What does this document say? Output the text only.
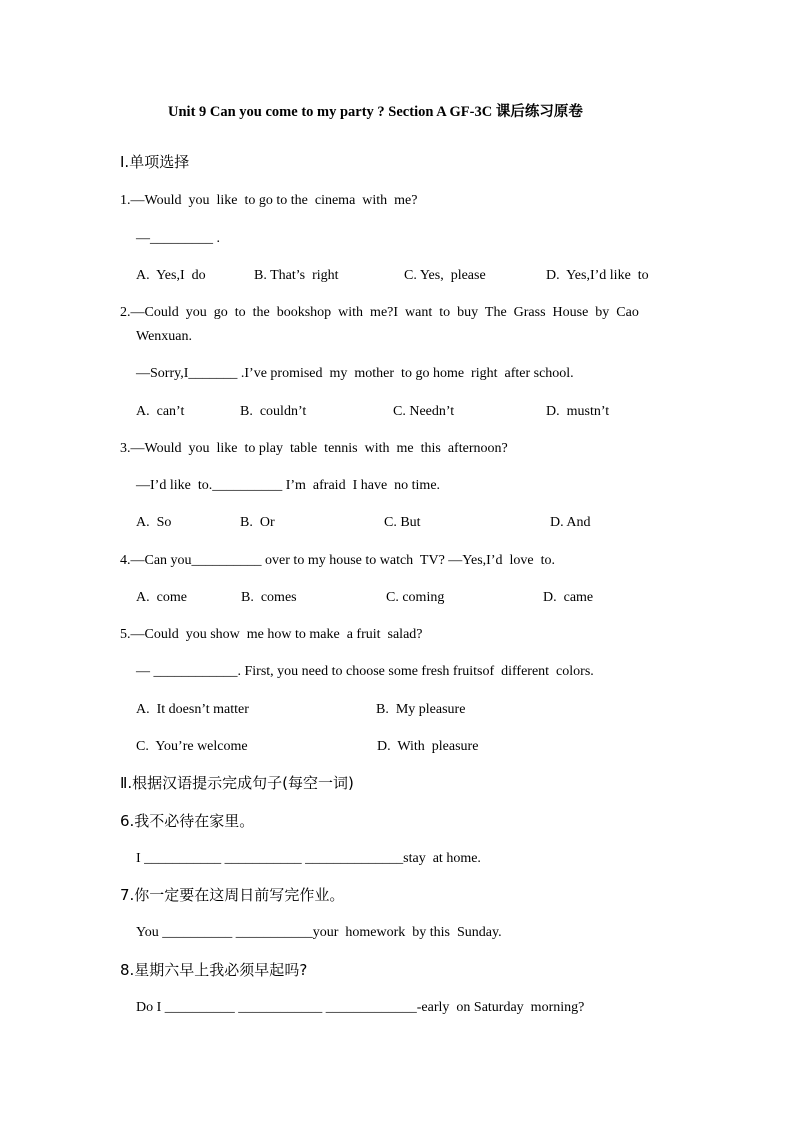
Unit 9 Can you come to my party ? Section A GF-3C 课后练习原卷
Ⅰ.单项选择
1.—Would  you  like  to go to the  cinema  with  me?
—_________ .
A.  Yes,I  do	B. That’s  right	C. Yes,  please	D.  Yes,I’d like  to
2.—Could  you  go  to  the  bookshop  with  me?I  want  to  buy  The  Grass  House  by  Cao
Wenxuan.
—Sorry,I_______ .I’ve promised  my  mother  to go home  right  after school.
A.  can’t	B.  couldn’t	C. Needn’t	D.  mustn’t
3.—Would  you  like  to play  table  tennis  with  me  this  afternoon?
—I’d like  to.__________ I’m  afraid  I have  no time.
A.  So	B.  Or	C. But	D. And
4.—Can you__________ over to my house to watch  TV? —Yes,I’d  love  to.
A.  come	B.  comes	C. coming	D.  came
5.—Could  you show  me how to make  a fruit  salad?
— ____________. First, you need to choose some fresh fruitsof  different  colors.
A.  It doesn’t matter	B.  My pleasure
C.  You’re welcome	D.  With  pleasure
Ⅱ.根据汉语提示完成句子(每空一词)
6.我不必待在家里。
I ___________ ___________ ______________stay  at home.
7.你一定要在这周日前写完作业。
You __________ ___________your  homework  by this  Sunday.
8.星期六早上我必须早起吗?
Do I __________ ____________ _____________-early  on Saturday  morning?
